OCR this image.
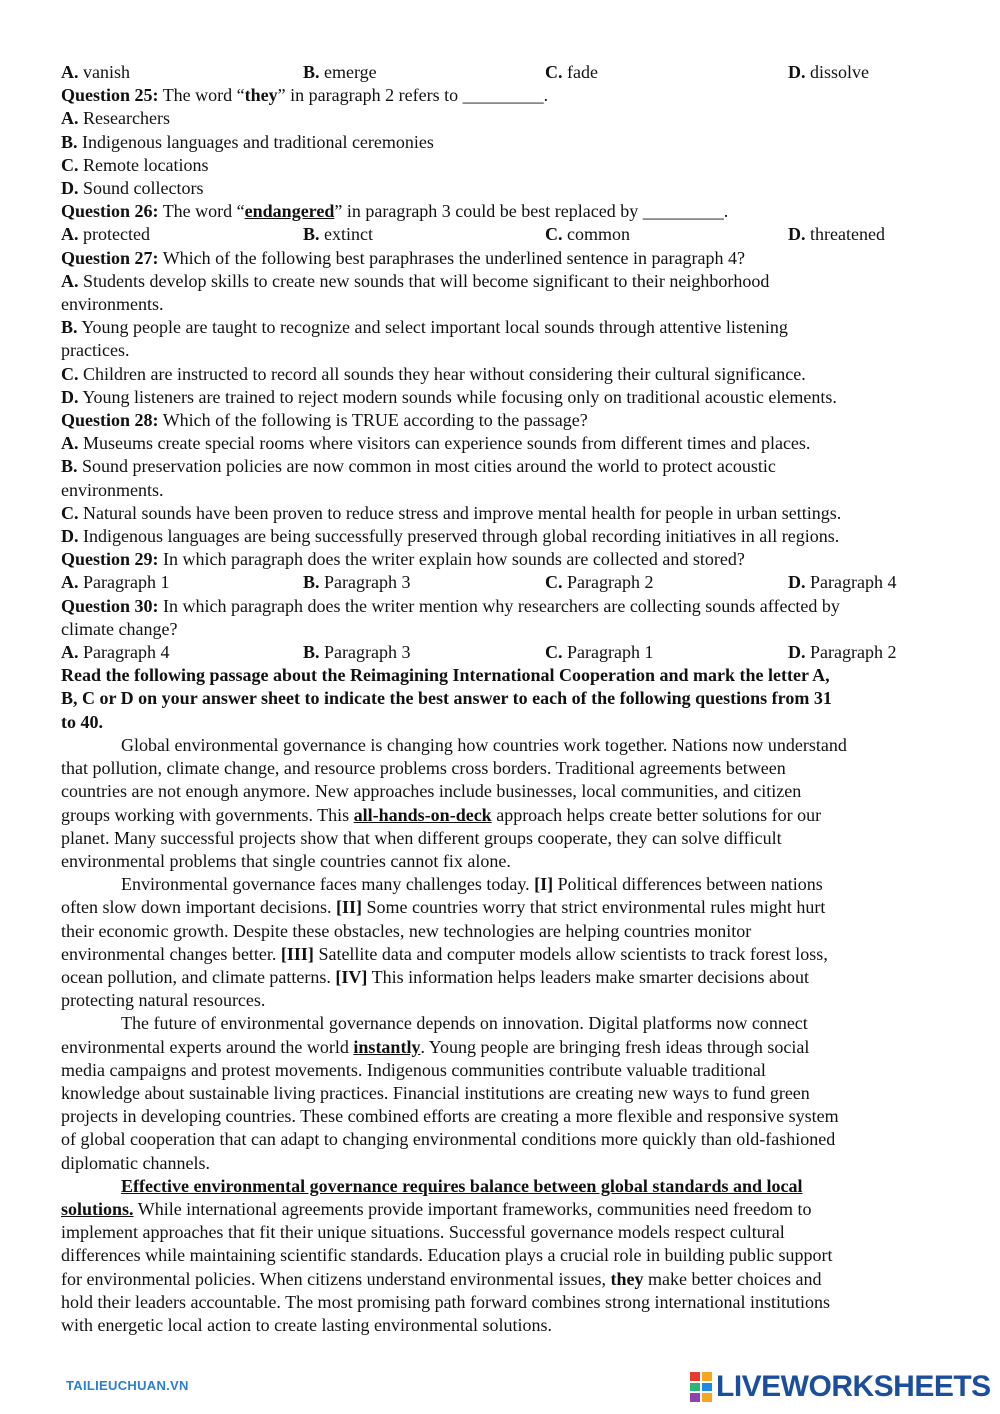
A. vanish	B. emerge	C. fade	D. dissolve
Question 25: The word “they” in paragraph 2 refers to _________.
A. Researchers
B. Indigenous languages and traditional ceremonies
C. Remote locations
D. Sound collectors
Question 26: The word “endangered” in paragraph 3 could be best replaced by _________.
A. protected	B. extinct	C. common	D. threatened
Question 27: Which of the following best paraphrases the underlined sentence in paragraph 4?
A. Students develop skills to create new sounds that will become significant to their neighborhood
environments.
B. Young people are taught to recognize and select important local sounds through attentive listening
practices.
C. Children are instructed to record all sounds they hear without considering their cultural significance.
D. Young listeners are trained to reject modern sounds while focusing only on traditional acoustic elements.
Question 28: Which of the following is TRUE according to the passage?
A. Museums create special rooms where visitors can experience sounds from different times and places.
B. Sound preservation policies are now common in most cities around the world to protect acoustic
environments.
C. Natural sounds have been proven to reduce stress and improve mental health for people in urban settings.
D. Indigenous languages are being successfully preserved through global recording initiatives in all regions.
Question 29: In which paragraph does the writer explain how sounds are collected and stored?
A. Paragraph 1	B. Paragraph 3	C. Paragraph 2	D. Paragraph 4
Question 30: In which paragraph does the writer mention why researchers are collecting sounds affected by
climate change?
A. Paragraph 4	B. Paragraph 3	C. Paragraph 1	D. Paragraph 2
Read the following passage about the Reimagining International Cooperation and mark the letter A,
B, C or D on your answer sheet to indicate the best answer to each of the following questions from 31
to 40.
Global environmental governance is changing how countries work together. Nations now understand
that pollution, climate change, and resource problems cross borders. Traditional agreements between
countries are not enough anymore. New approaches include businesses, local communities, and citizen
groups working with governments. This all-hands-on-deck approach helps create better solutions for our
planet. Many successful projects show that when different groups cooperate, they can solve difficult
environmental problems that single countries cannot fix alone.
Environmental governance faces many challenges today. [I] Political differences between nations
often slow down important decisions. [II] Some countries worry that strict environmental rules might hurt
their economic growth. Despite these obstacles, new technologies are helping countries monitor
environmental changes better. [III] Satellite data and computer models allow scientists to track forest loss,
ocean pollution, and climate patterns. [IV] This information helps leaders make smarter decisions about
protecting natural resources.
The future of environmental governance depends on innovation. Digital platforms now connect
environmental experts around the world instantly. Young people are bringing fresh ideas through social
media campaigns and protest movements. Indigenous communities contribute valuable traditional
knowledge about sustainable living practices. Financial institutions are creating new ways to fund green
projects in developing countries. These combined efforts are creating a more flexible and responsive system
of global cooperation that can adapt to changing environmental conditions more quickly than old-fashioned
diplomatic channels.
Effective environmental governance requires balance between global standards and local
solutions. While international agreements provide important frameworks, communities need freedom to
implement approaches that fit their unique situations. Successful governance models respect cultural
differences while maintaining scientific standards. Education plays a crucial role in building public support
for environmental policies. When citizens understand environmental issues, they make better choices and
hold their leaders accountable. The most promising path forward combines strong international institutions
with energetic local action to create lasting environmental solutions.
TAILIEUCHUAN.VN	LIVEWORKSHEETS
